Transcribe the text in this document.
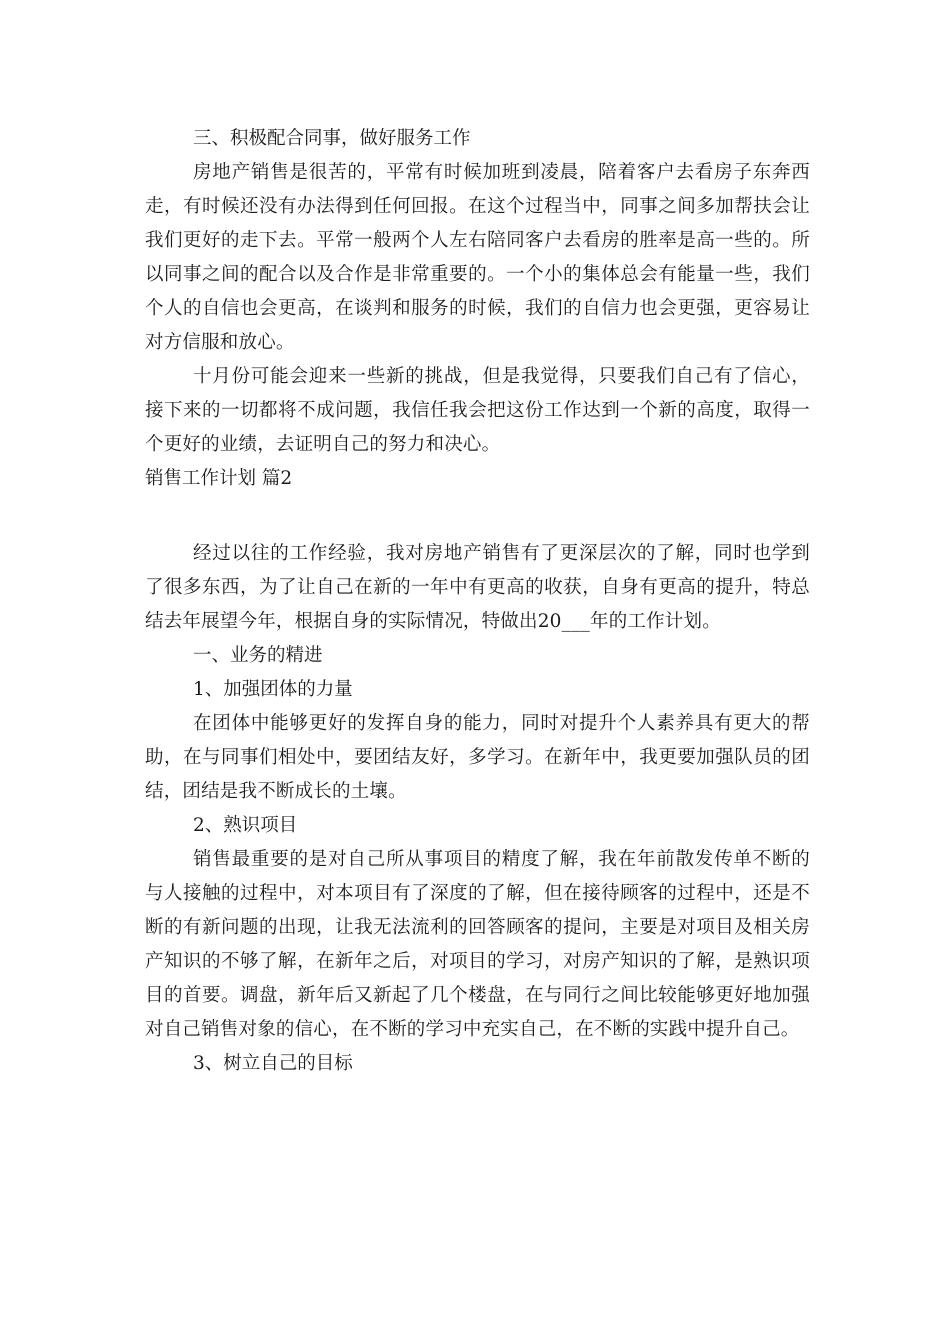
三、积极配合同事，做好服务工作

房地产销售是很苦的，平常有时候加班到凌晨，陪着客户去看房子东奔西走，有时候还没有办法得到任何回报。在这个过程当中，同事之间多加帮扶会让我们更好的走下去。平常一般两个人左右陪同客户去看房的胜率是高一些的。所以同事之间的配合以及合作是非常重要的。一个小的集体总会有能量一些，我们个人的自信也会更高，在谈判和服务的时候，我们的自信力也会更强，更容易让对方信服和放心。

十月份可能会迎来一些新的挑战，但是我觉得，只要我们自己有了信心，接下来的一切都将不成问题，我信任我会把这份工作达到一个新的高度，取得一个更好的业绩，去证明自己的努力和决心。

销售工作计划 篇2

经过以往的工作经验，我对房地产销售有了更深层次的了解，同时也学到了很多东西，为了让自己在新的一年中有更高的收获，自身有更高的提升，特总结去年展望今年，根据自身的实际情况，特做出20___年的工作计划。

一、业务的精进

1、加强团体的力量

在团体中能够更好的发挥自身的能力，同时对提升个人素养具有更大的帮助，在与同事们相处中，要团结友好，多学习。在新年中，我更要加强队员的团结，团结是我不断成长的土壤。

2、熟识项目

销售最重要的是对自己所从事项目的精度了解，我在年前散发传单不断的与人接触的过程中，对本项目有了深度的了解，但在接待顾客的过程中，还是不断的有新问题的出现，让我无法流利的回答顾客的提问，主要是对项目及相关房产知识的不够了解，在新年之后，对项目的学习，对房产知识的了解，是熟识项目的首要。调盘，新年后又新起了几个楼盘，在与同行之间比较能够更好地加强对自己销售对象的信心，在不断的学习中充实自己，在不断的实践中提升自己。

3、树立自己的目标
